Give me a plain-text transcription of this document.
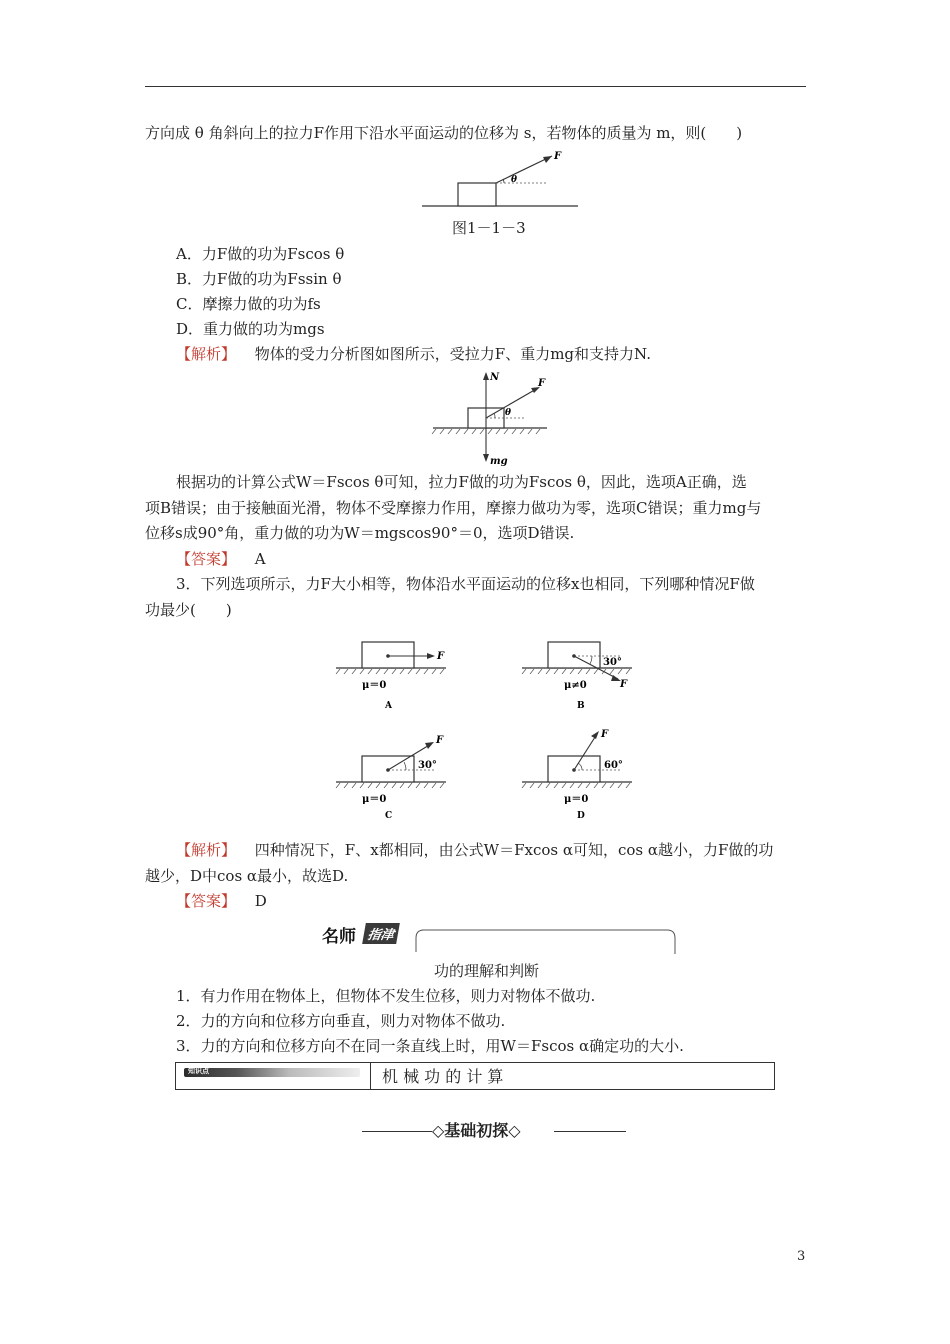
方向成 θ 角斜向上的拉力F作用下沿水平面运动的位移为 s，若物体的质量为 m，则(　　)
F
θ
图1－1－3
A．力F做的功为Fscos θ
B．力F做的功为Fssin θ
C．摩擦力做的功为fs
D．重力做的功为mgs
【解析】 物体的受力分析图如图所示，受拉力F、重力mg和支持力N.
N
F
θ
mg
根据功的计算公式W＝Fscos θ可知，拉力F做的功为Fscos θ，因此，选项A正确，选
项B错误；由于接触面光滑，物体不受摩擦力作用，摩擦力做功为零，选项C错误；重力mg与
位移s成90°角，重力做的功为W＝mgscos90°＝0，选项D错误.
【答案】 A
3．下列选项所示，力F大小相等，物体沿水平面运动的位移x也相同，下列哪种情况F做
功最少(　　)
F
μ＝0
A
30°
F
μ≠0
B
30°
F
μ＝0
C
60°
F
μ＝0
D
【解析】 四种情况下，F、x都相同，由公式W＝Fxcos α可知，cos α越小，力F做的功
越少，D中cos α最小，故选D.
【答案】 D
名师 指津
功的理解和判断
1．有力作用在物体上，但物体不发生位移，则力对物体不做功.
2．力的方向和位移方向垂直，则力对物体不做功.
3．力的方向和位移方向不在同一条直线上时，用W＝Fscos α确定功的大小.
知识点	机 械 功 的 计 算
◇基础初探◇
3
